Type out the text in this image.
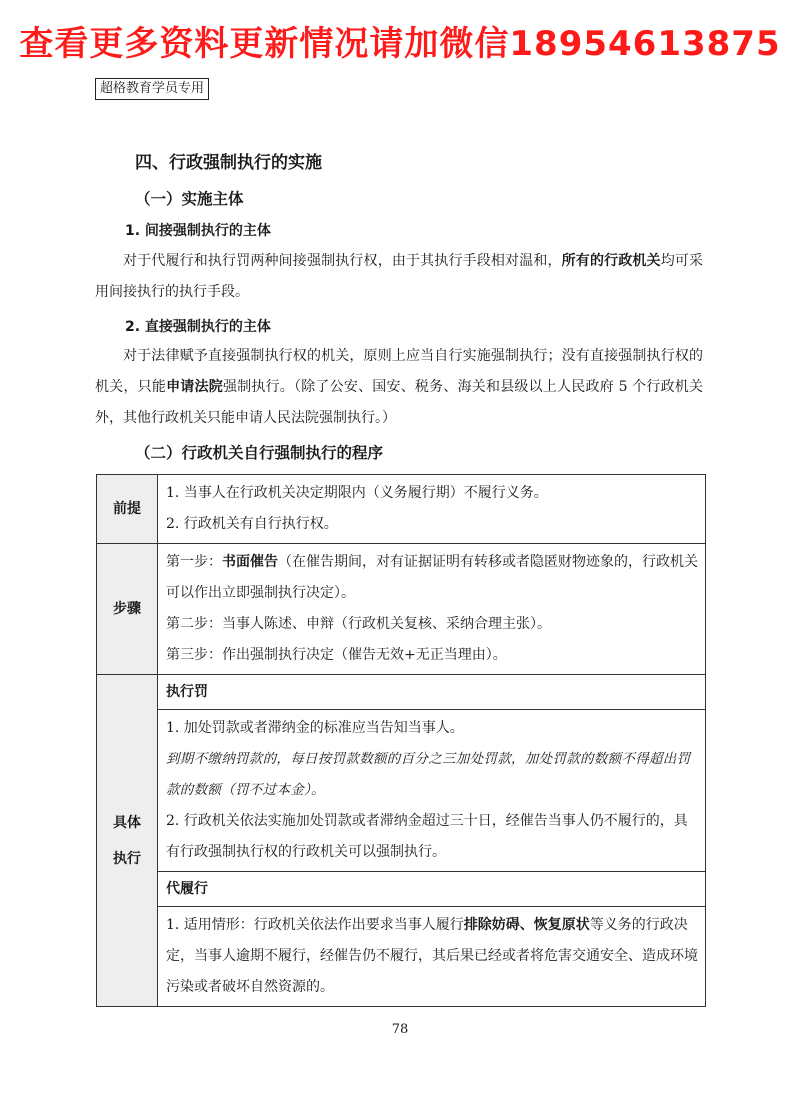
查看更多资料更新情况请加微信18954613875
超格教育学员专用
四、行政强制执行的实施
（一）实施主体
1. 间接强制执行的主体
对于代履行和执行罚两种间接强制执行权，由于其执行手段相对温和，所有的行政机关均可采用间接执行的执行手段。
2. 直接强制执行的主体
对于法律赋予直接强制执行权的机关，原则上应当自行实施强制执行；没有直接强制执行权的机关，只能申请法院强制执行。（除了公安、国安、税务、海关和县级以上人民政府 5 个行政机关外，其他行政机关只能申请人民法院强制执行。）
（二）行政机关自行强制执行的程序
前提	1. 当事人在行政机关决定期限内（义务履行期）不履行义务。
2. 行政机关有自行执行权。

步骤	第一步：书面催告（在催告期间，对有证据证明有转移或者隐匿财物迹象的，行政机关可以作出立即强制执行决定）。
第二步：当事人陈述、申辩（行政机关复核、采纳合理主张）。
第三步：作出强制执行决定（催告无效+无正当理由）。

具体
执行	执行罚

	1. 加处罚款或者滞纳金的标准应当告知当事人。
到期不缴纳罚款的，每日按罚款数额的百分之三加处罚款，加处罚款的数额不得超出罚款的数额（罚不过本金）。
2. 行政机关依法实施加处罚款或者滞纳金超过三十日，经催告当事人仍不履行的，具有行政强制执行权的行政机关可以强制执行。

	代履行

	1. 适用情形：行政机关依法作出要求当事人履行排除妨碍、恢复原状等义务的行政决定，当事人逾期不履行，经催告仍不履行，其后果已经或者将危害交通安全、造成环境污染或者破坏自然资源的。
78
